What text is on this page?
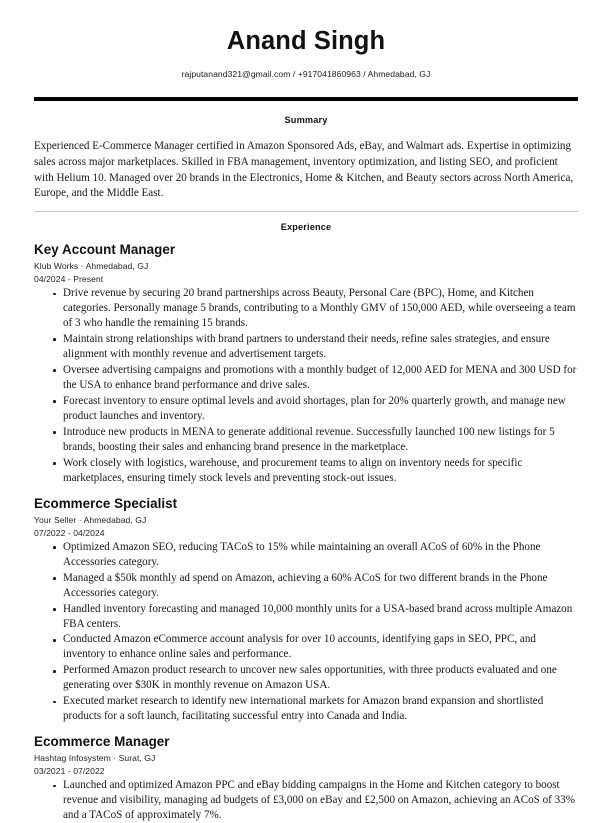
Anand Singh
rajputanand321@gmail.com / +917041860963 / Ahmedabad, GJ
Summary
Experienced E-Commerce Manager certified in Amazon Sponsored Ads, eBay, and Walmart ads. Expertise in optimizing sales across major marketplaces. Skilled in FBA management, inventory optimization, and listing SEO, and proficient with Helium 10. Managed over 20 brands in the Electronics, Home & Kitchen, and Beauty sectors across North America, Europe, and the Middle East.
Experience
Key Account Manager
Klub Works · Ahmedabad, GJ
04/2024 - Present
Drive revenue by securing 20 brand partnerships across Beauty, Personal Care (BPC), Home, and Kitchen categories. Personally manage 5 brands, contributing to a Monthly GMV of 150,000 AED, while overseeing a team of 3 who handle the remaining 15 brands.
Maintain strong relationships with brand partners to understand their needs, refine sales strategies, and ensure alignment with monthly revenue and advertisement targets.
Oversee advertising campaigns and promotions with a monthly budget of 12,000 AED for MENA and 300 USD for the USA to enhance brand performance and drive sales.
Forecast inventory to ensure optimal levels and avoid shortages, plan for 20% quarterly growth, and manage new product launches and inventory.
Introduce new products in MENA to generate additional revenue. Successfully launched 100 new listings for 5 brands, boosting their sales and enhancing brand presence in the marketplace.
Work closely with logistics, warehouse, and procurement teams to align on inventory needs for specific marketplaces, ensuring timely stock levels and preventing stock-out issues.
Ecommerce Specialist
Your Seller · Ahmedabad, GJ
07/2022 - 04/2024
Optimized Amazon SEO, reducing TACoS to 15% while maintaining an overall ACoS of 60% in the Phone Accessories category.
Managed a $50k monthly ad spend on Amazon, achieving a 60% ACoS for two different brands in the Phone Accessories category.
Handled inventory forecasting and managed 10,000 monthly units for a USA-based brand across multiple Amazon FBA centers.
Conducted Amazon eCommerce account analysis for over 10 accounts, identifying gaps in SEO, PPC, and inventory to enhance online sales and performance.
Performed Amazon product research to uncover new sales opportunities, with three products evaluated and one generating over $30K in monthly revenue on Amazon USA.
Executed market research to identify new international markets for Amazon brand expansion and shortlisted products for a soft launch, facilitating successful entry into Canada and India.
Ecommerce Manager
Hashtag Infosystem · Surat, GJ
03/2021 - 07/2022
Launched and optimized Amazon PPC and eBay bidding campaigns in the Home and Kitchen category to boost revenue and visibility, managing ad budgets of £3,000 on eBay and £2,500 on Amazon, achieving an ACoS of 33% and a TACoS of approximately 7%.
